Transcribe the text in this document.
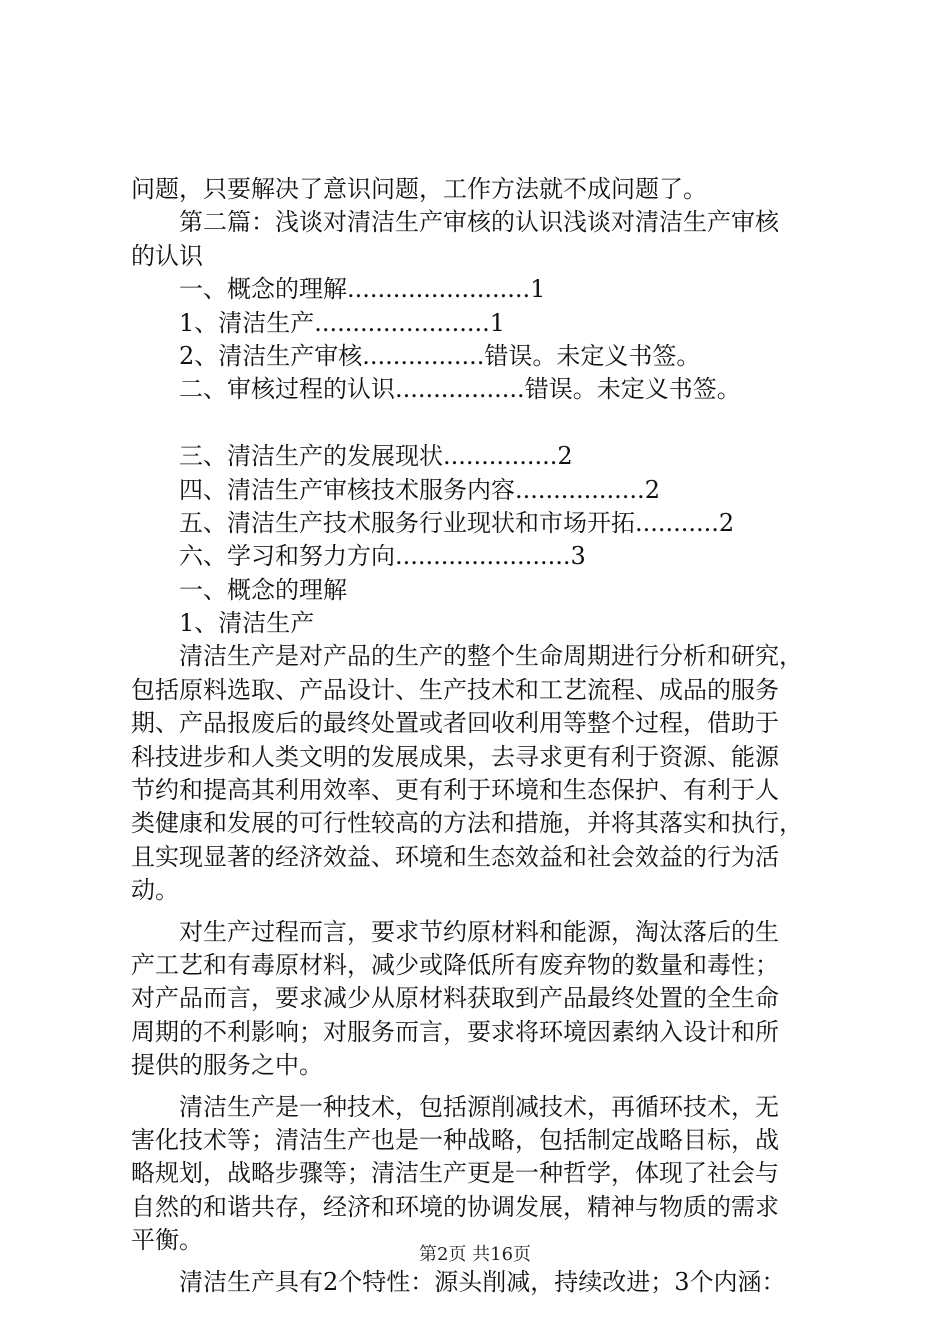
问题，只要解决了意识问题，工作方法就不成问题了。
第二篇：浅谈对清洁生产审核的认识浅谈对清洁生产审核
的认识
一、概念的理解........................1
1、清洁生产.......................1
2、清洁生产审核................错误。未定义书签。
二、审核过程的认识.................错误。未定义书签。
三、清洁生产的发展现状...............2
四、清洁生产审核技术服务内容.................2
五、清洁生产技术服务行业现状和市场开拓...........2
六、学习和努力方向.......................3
一、概念的理解
1、清洁生产
清洁生产是对产品的生产的整个生命周期进行分析和研究，
包括原料选取、产品设计、生产技术和工艺流程、成品的服务
期、产品报废后的最终处置或者回收利用等整个过程，借助于
科技进步和人类文明的发展成果，去寻求更有利于资源、能源
节约和提高其利用效率、更有利于环境和生态保护、有利于人
类健康和发展的可行性较高的方法和措施，并将其落实和执行，
且实现显著的经济效益、环境和生态效益和社会效益的行为活
动。
对生产过程而言，要求节约原材料和能源，淘汰落后的生
产工艺和有毒原材料，减少或降低所有废弃物的数量和毒性；
对产品而言，要求减少从原材料获取到产品最终处置的全生命
周期的不利影响；对服务而言，要求将环境因素纳入设计和所
提供的服务之中。
清洁生产是一种技术，包括源削减技术，再循环技术，无
害化技术等；清洁生产也是一种战略，包括制定战略目标，战
略规划，战略步骤等；清洁生产更是一种哲学，体现了社会与
自然的和谐共存，经济和环境的协调发展，精神与物质的需求
平衡。
清洁生产具有2个特性：源头削减，持续改进；3个内涵：
第2页 共16页
